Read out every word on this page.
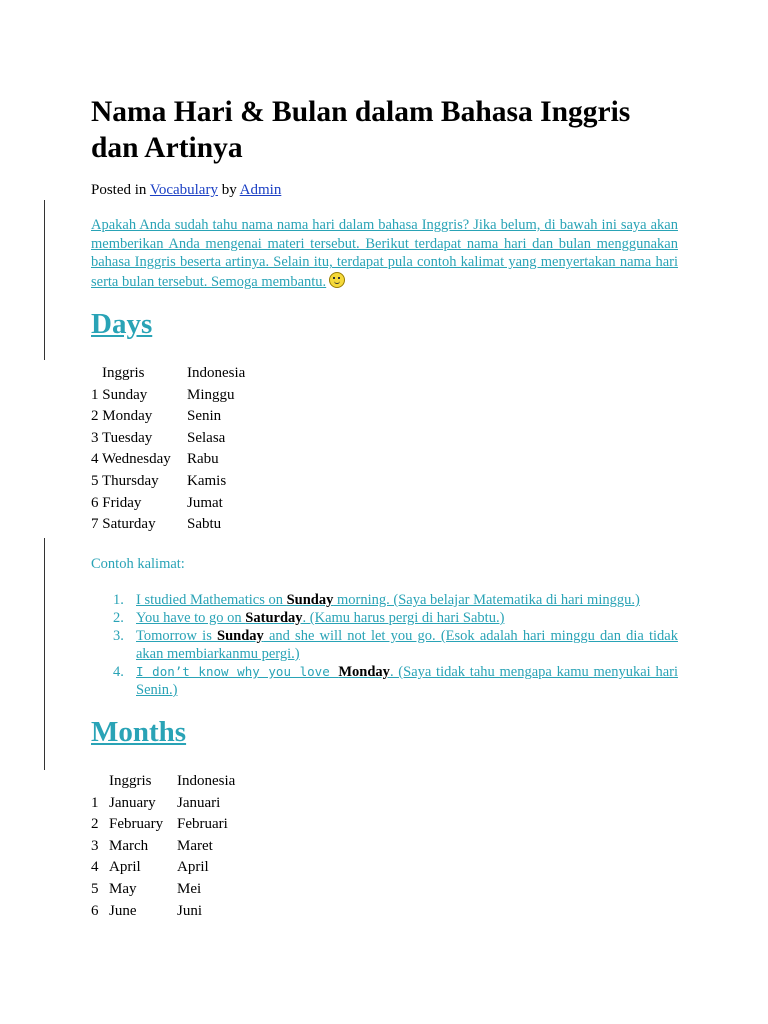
Nama Hari & Bulan dalam Bahasa Inggris dan Artinya
Posted in Vocabulary by Admin

Apakah Anda sudah tahu nama nama hari dalam bahasa Inggris? Jika belum, di bawah ini saya akan memberikan Anda mengenai materi tersebut. Berikut terdapat nama hari dan bulan menggunakan bahasa Inggris beserta artinya. Selain itu, terdapat pula contoh kalimat yang menyertakan nama hari serta bulan tersebut. Semoga membantu.

Days
Inggris	Indonesia
1 Sunday	Minggu
2 Monday	Senin
3 Tuesday	Selasa
4 Wednesday	Rabu
5 Thursday	Kamis
6 Friday	Jumat
7 Saturday	Sabtu
Contoh kalimat:
1. I studied Mathematics on Sunday morning. (Saya belajar Matematika di hari minggu.)
2. You have to go on Saturday. (Kamu harus pergi di hari Sabtu.)
3. Tomorrow is Sunday and she will not let you go. (Esok adalah hari minggu dan dia tidak akan membiarkanmu pergi.)
4. I don’t know why you love Monday. (Saya tidak tahu mengapa kamu menyukai hari Senin.)
Months
	Inggris	Indonesia
1	January	Januari
2	February	Februari
3	March	Maret
4	April	April
5	May	Mei
6	June	Juni
